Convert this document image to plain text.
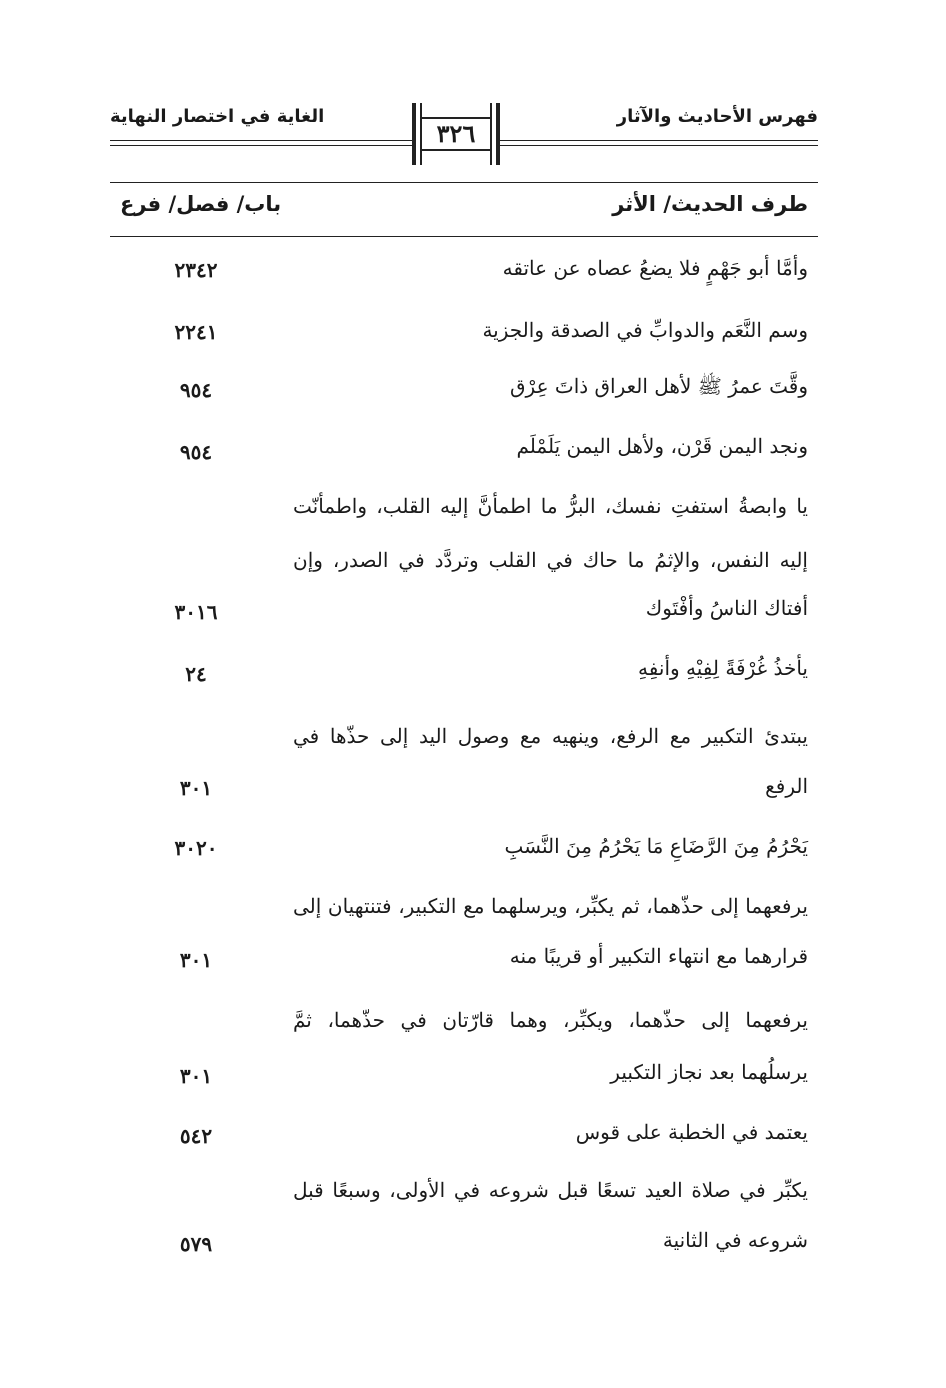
فهرس الأحاديث والآثار
الغاية في اختصار النهاية
٣٢٦
طرف الحديث/ الأثر
باب/ فصل/ فرع
وأمَّا أبو جَهْمٍ فلا يضعُ عصاه عن عاتقه
٢٣٤٢
وسم النَّعَم والدوابِّ في الصدقة والجزية
٢٢٤١
وقَّتَ عمرُ ﷺ لأهل العراق ذاتَ عِرْق
٩٥٤
ونجد اليمن قَرْن، ولأهل اليمن يَلَمْلَم
٩٥٤
يا وابصةُ استفتِ نفسك، البرُّ ما اطمأنَّ إليه القلب، واطمأنّت
إليه النفس، والإثمُ ما حاك في القلب وتردَّد في الصدر، وإن
أفتاك الناسُ وأفْتَوك
٣٠١٦
يأخذُ غُرْفَةً لِفِيْهِ وأنفِهِ
٢٤
يبتدئ التكبير مع الرفع، وينهيه مع وصول اليد إلى حذّها في
الرفع
٣٠١
يَحْرُمُ مِنَ الرَّضَاعِ مَا يَحْرُمُ مِنَ النَّسَبِ
٣٠٢٠
يرفعهما إلى حذّهما، ثم يكبِّر، ويرسلهما مع التكبير، فتنتهيان إلى
قرارهما مع انتهاء التكبير أو قريبًا منه
٣٠١
يرفعهما إلى حذّهما، ويكبِّر، وهما قارّتان في حذّهما، ثمَّ
يرسلُهما بعد نجاز التكبير
٣٠١
يعتمد في الخطبة على قوس
٥٤٢
يكبِّر في صلاة العيد تسعًا قبل شروعه في الأولى، وسبعًا قبل
شروعه في الثانية
٥٧٩
